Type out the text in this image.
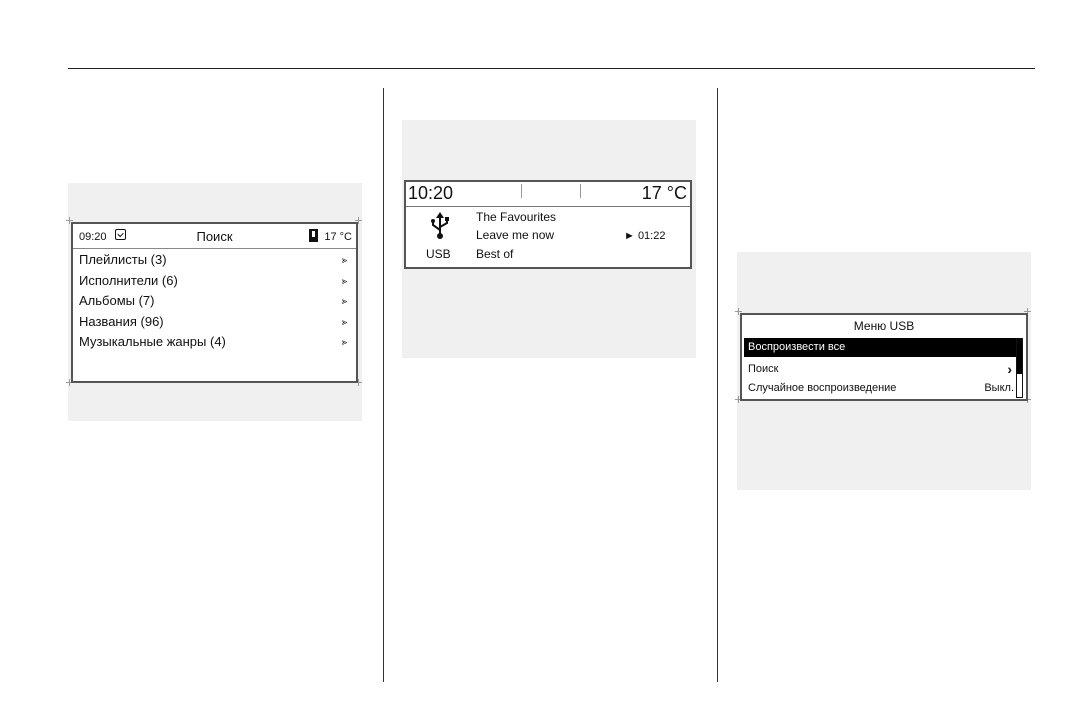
09:20	Поиск	17 °C
Плейлисты (3)	⪢
Исполнители (6)	⪢
Альбомы (7)	⪢
Названия (96)	⪢
Музыкальные жанры (4)	⪢
10:20	17 °C
USB
The Favourites
Leave me now
Best of
► 01:22
Меню USB
Воспроизвести все
Поиск	›
Случайное воспроизведение	Выкл.
